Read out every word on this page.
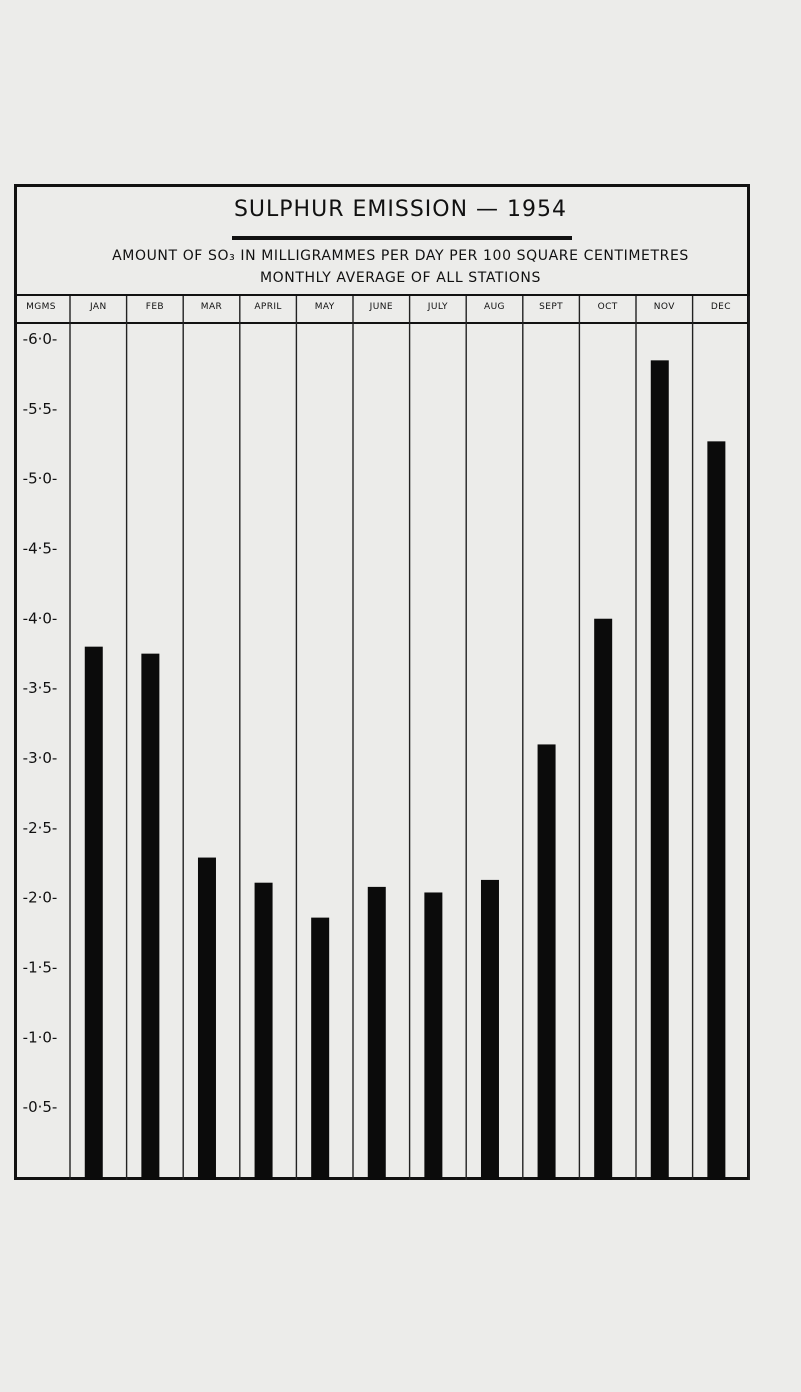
SULPHUR EMISSION — 1954
AMOUNT OF SO₃ IN MILLIGRAMMES PER DAY PER 100 SQUARE CENTIMETRES
MONTHLY AVERAGE OF ALL STATIONS
MGMS	JAN	FEB	MAR	APRIL	MAY	JUNE	JULY	AUG	SEPT	OCT	NOV	DEC
-6·0-
-5·5-
-5·0-
-4·5-
-4·0-
-3·5-
-3·0-
-2·5-
-2·0-
-1·5-
-1·0-
-0·5-
